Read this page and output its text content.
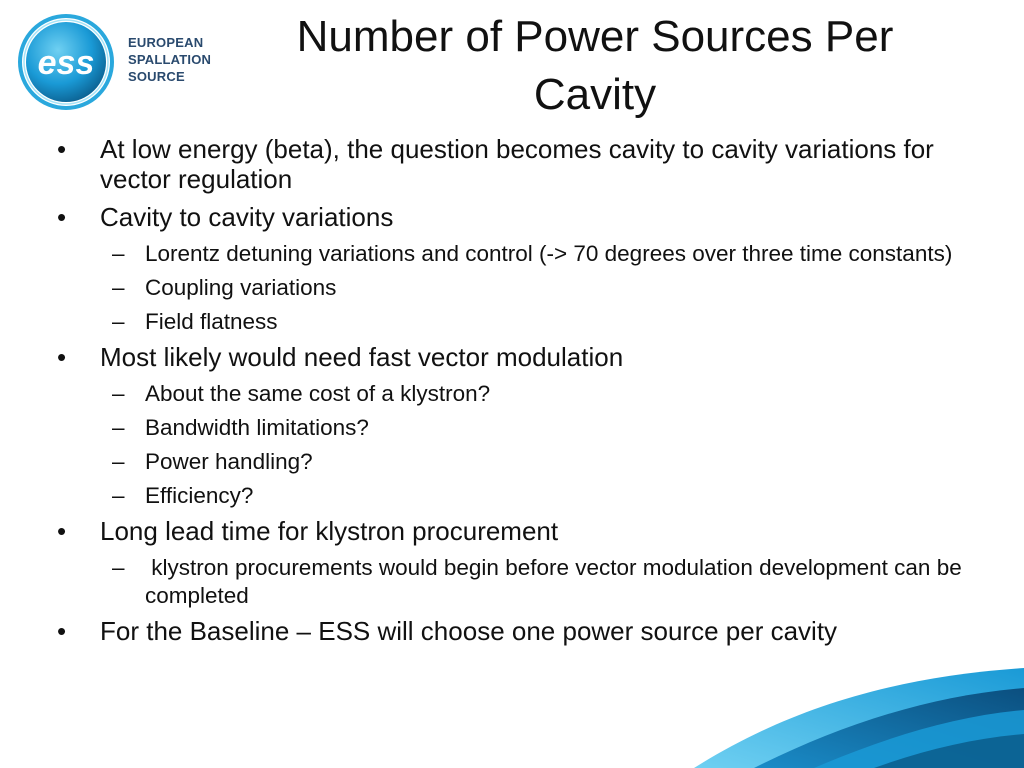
ess
EUROPEAN
SPALLATION
SOURCE
Number of Power Sources Per Cavity
•	At low energy (beta), the question becomes cavity to cavity variations for vector regulation
•	Cavity to cavity variations
– Lorentz detuning variations and control (-> 70 degrees over three time constants)
– Coupling variations
– Field flatness
•	Most likely would need fast vector modulation
– About the same cost of a klystron?
– Bandwidth limitations?
– Power handling?
– Efficiency?
•	Long lead time for klystron procurement
– klystron procurements would begin before vector modulation development can be completed
•	For the Baseline – ESS will choose one power source per cavity
